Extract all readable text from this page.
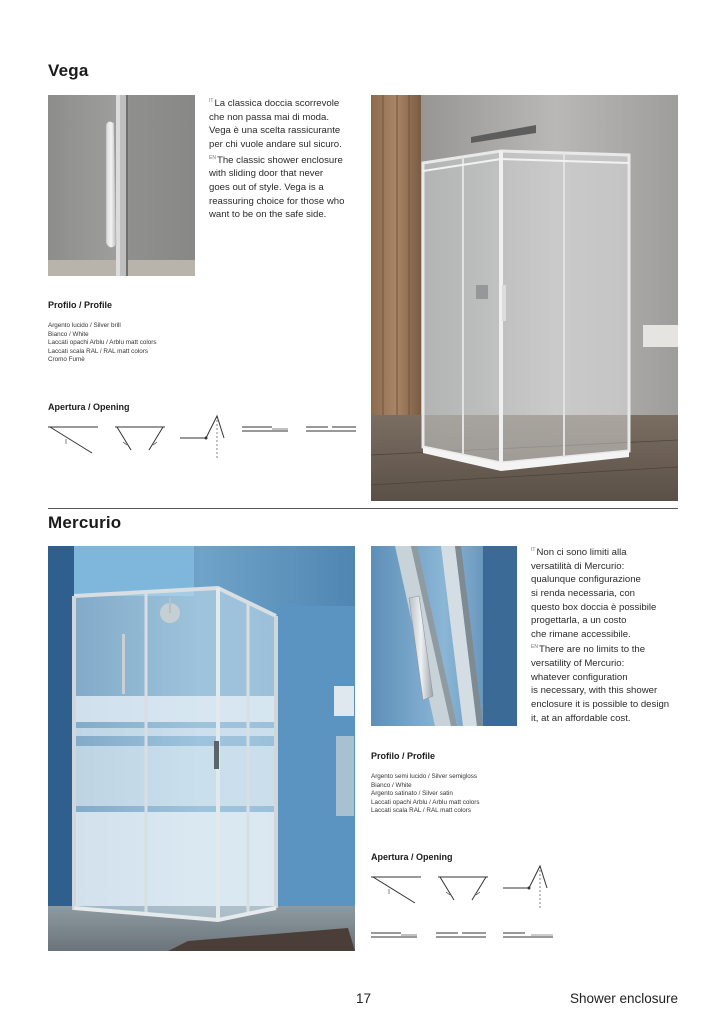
Vega
$^{IT}$La classica doccia scorrevole
che non passa mai di moda.
Vega è una scelta rassicurante
per chi vuole andare sul sicuro.
$^{EN}$The classic shower enclosure
with sliding door that never
goes out of style. Vega is a
reassuring choice for those who
want to be on the safe side.
Profilo / Profile
Argento lucido / Silver brill
Bianco / White
Laccati opachi Arblu / Arblu matt colors
Laccati scala RAL / RAL matt colors
Cromo Fumè
Apertura / Opening
Mercurio
$^{IT}$Non ci sono limiti alla
versatilità di Mercurio:
qualunque configurazione
si renda necessaria, con
questo box doccia è possibile
progettarla, a un costo
che rimane accessibile.
$^{EN}$There are no limits to the
versatility of Mercurio:
whatever configuration
is necessary, with this shower
enclosure it is possible to design
it, at an affordable cost.
Profilo / Profile
Argento semi lucido / Silver semigloss
Bianco / White
Argento satinato / Silver satin
Laccati opachi Arblu / Arblu matt colors
Laccati scala RAL / RAL matt colors
Apertura / Opening
17	Shower enclosure
